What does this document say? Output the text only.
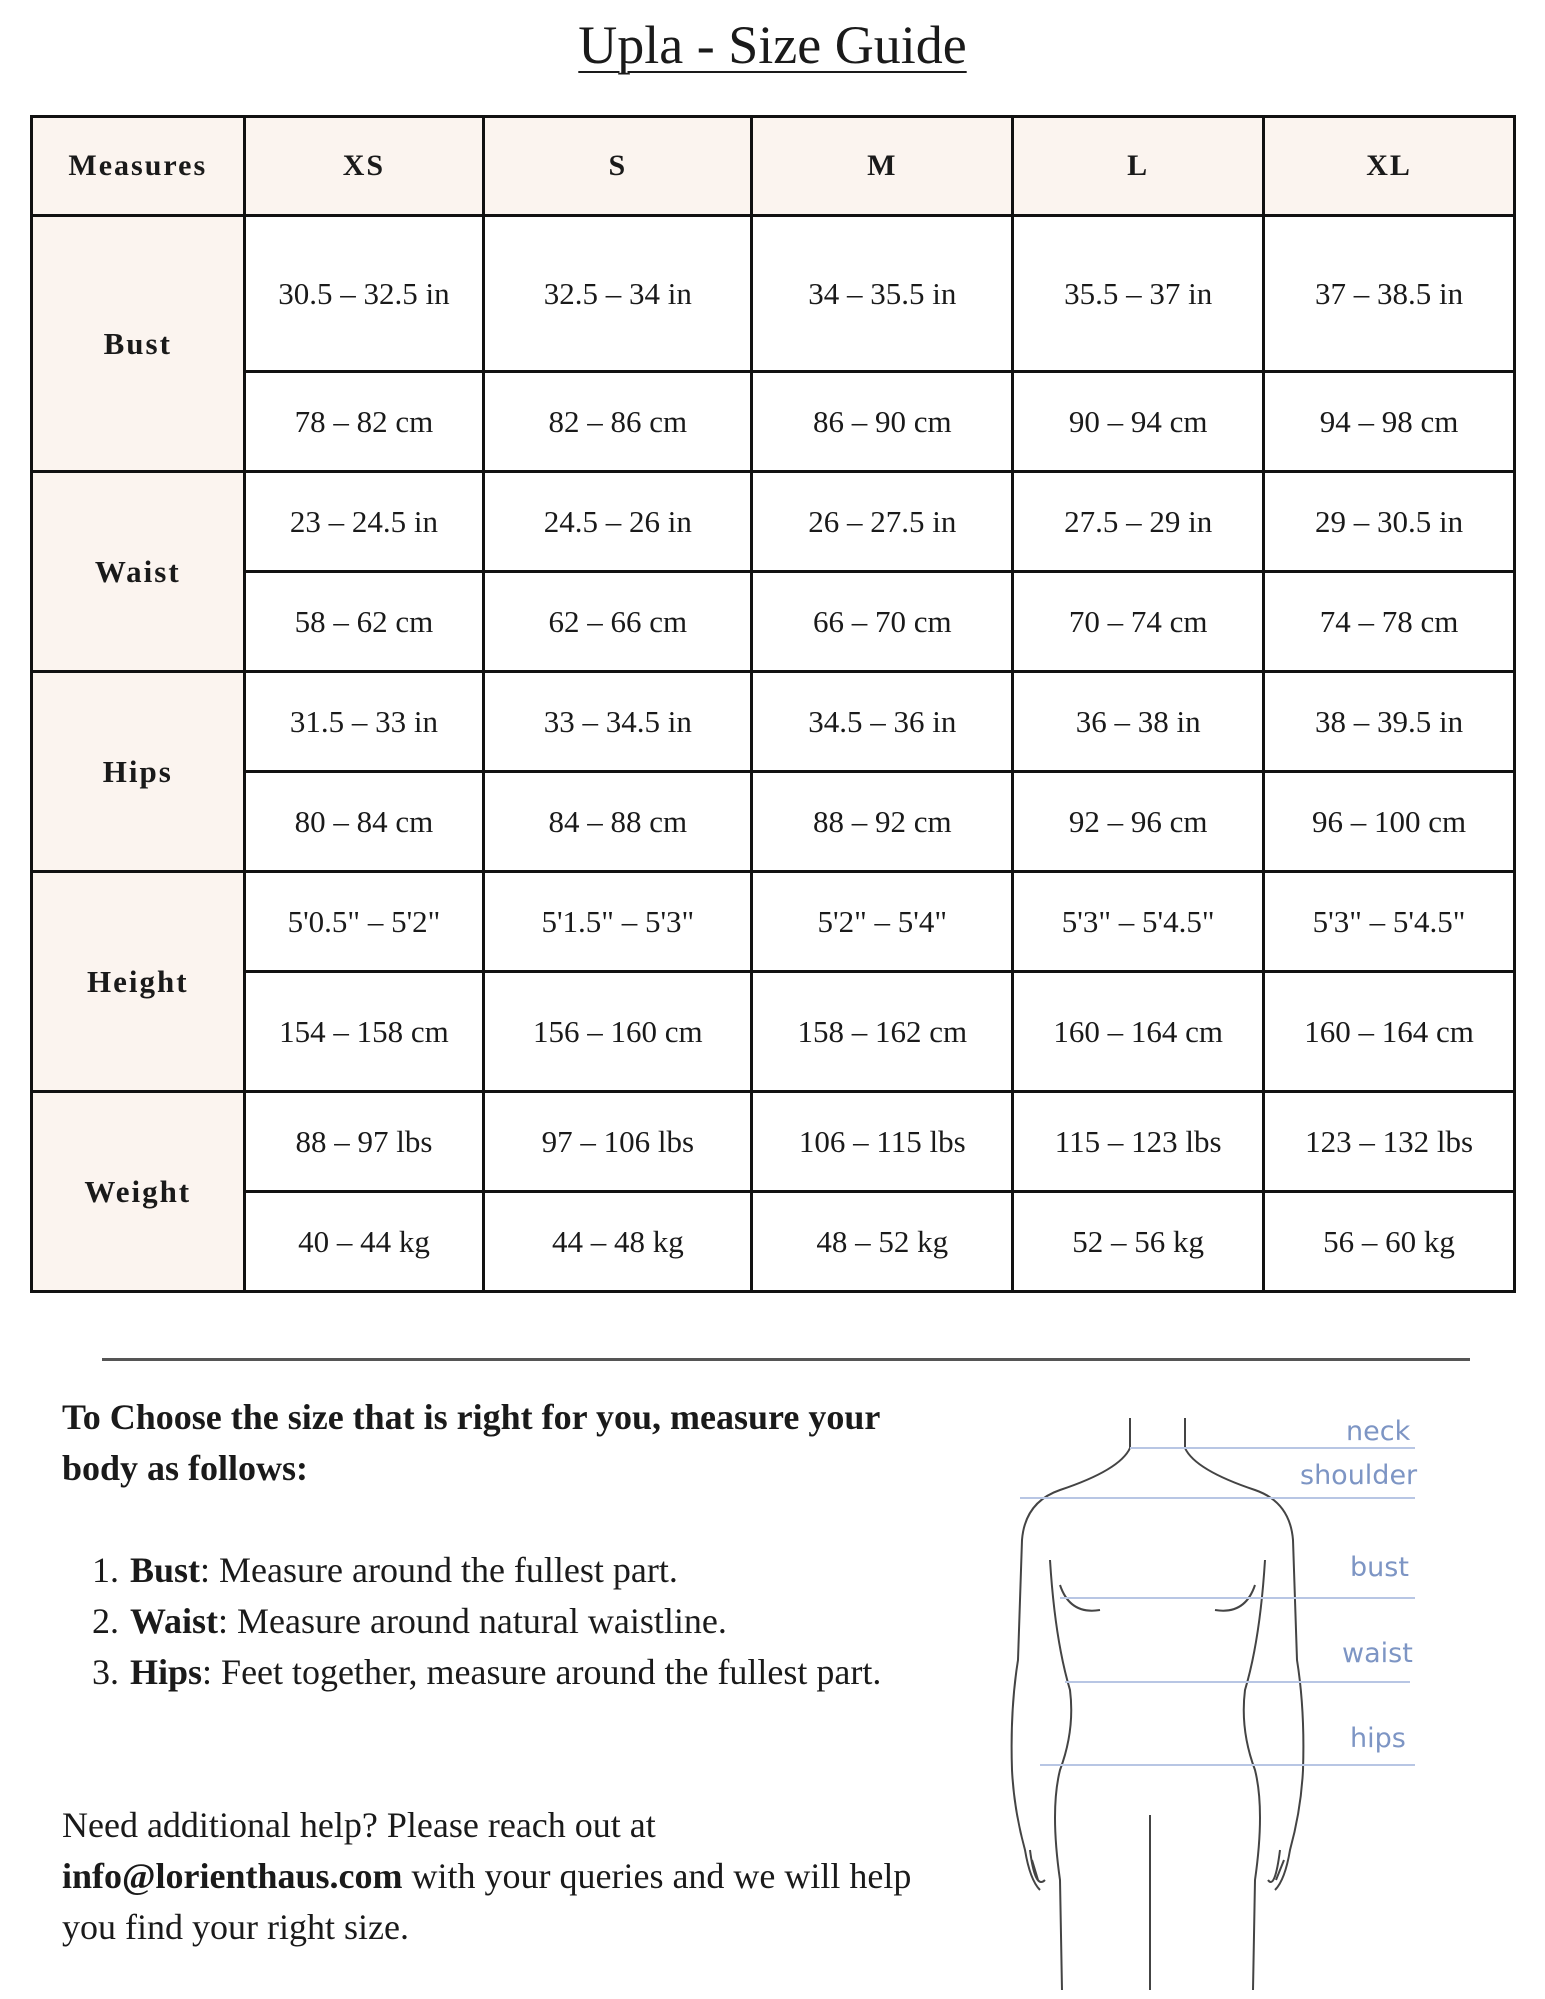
Upla - Size Guide
Measures	XS	S	M	L	XL
Bust	30.5 – 32.5 in	32.5 – 34 in	34 – 35.5 in	35.5 – 37 in	37 – 38.5 in
	78 – 82 cm	82 – 86 cm	86 – 90 cm	90 – 94 cm	94 – 98 cm
Waist	23 – 24.5 in	24.5 – 26 in	26 – 27.5 in	27.5 – 29 in	29 – 30.5 in
	58 – 62 cm	62 – 66 cm	66 – 70 cm	70 – 74 cm	74 – 78 cm
Hips	31.5 – 33 in	33 – 34.5 in	34.5 – 36 in	36 – 38 in	38 – 39.5 in
	80 – 84 cm	84 – 88 cm	88 – 92 cm	92 – 96 cm	96 – 100 cm
Height	5'0.5" – 5'2"	5'1.5" – 5'3"	5'2" – 5'4"	5'3" – 5'4.5"	5'3" – 5'4.5"
	154 – 158 cm	156 – 160 cm	158 – 162 cm	160 – 164 cm	160 – 164 cm
Weight	88 – 97 lbs	97 – 106 lbs	106 – 115 lbs	115 – 123 lbs	123 – 132 lbs
	40 – 44 kg	44 – 48 kg	48 – 52 kg	52 – 56 kg	56 – 60 kg
To Choose the size that is right for you, measure your body as follows:
1. Bust: Measure around the fullest part.
2. Waist: Measure around natural waistline.
3. Hips: Feet together, measure around the fullest part.
Need additional help? Please reach out at info@lorienthaus.com with your queries and we will help you find your right size.
neck
shoulder
bust
waist
hips
